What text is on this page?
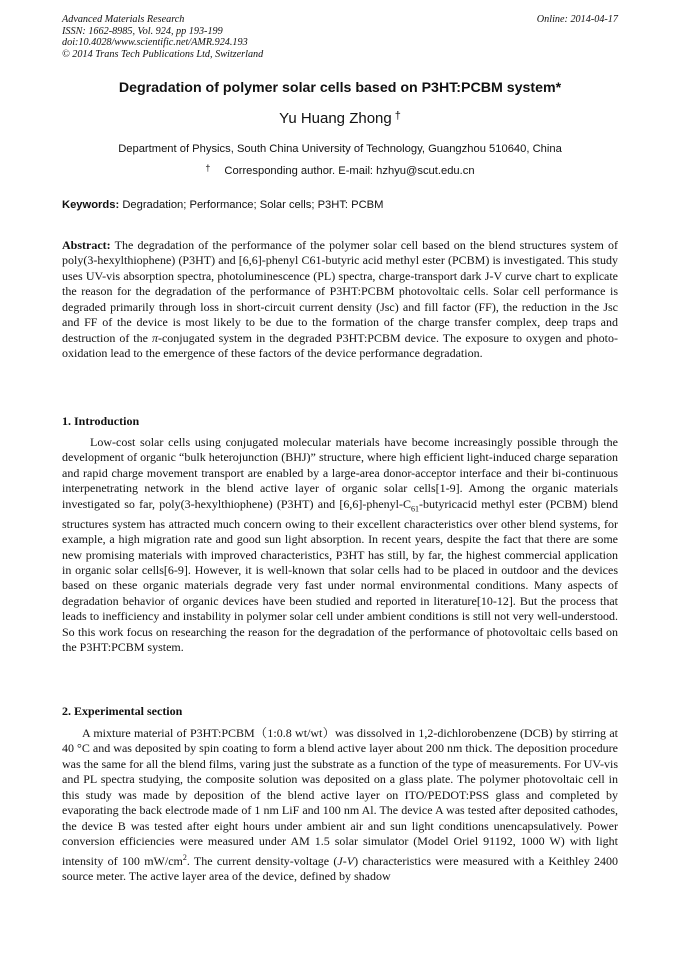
Advanced Materials Research
ISSN: 1662-8985, Vol. 924, pp 193-199
doi:10.4028/www.scientific.net/AMR.924.193
© 2014 Trans Tech Publications Ltd, Switzerland
Online: 2014-04-17
Degradation of polymer solar cells based on P3HT:PCBM system*
Yu Huang Zhong †
Department of Physics, South China University of Technology, Guangzhou 510640, China
† Corresponding author. E-mail: hzhyu@scut.edu.cn
Keywords: Degradation; Performance; Solar cells; P3HT: PCBM
Abstract: The degradation of the performance of the polymer solar cell based on the blend structures system of poly(3-hexylthiophene) (P3HT) and [6,6]-phenyl C61-butyric acid methyl ester (PCBM) is investigated. This study uses UV-vis absorption spectra, photoluminescence (PL) spectra, charge-transport dark J-V curve chart to explicate the reason for the degradation of the performance of P3HT:PCBM photovoltaic cells. Solar cell performance is degraded primarily through loss in short-circuit current density (Jsc) and fill factor (FF), the reduction in the Jsc and FF of the device is most likely to be due to the formation of the charge transfer complex, deep traps and destruction of the π-conjugated system in the degraded P3HT:PCBM device. The exposure to oxygen and photo-oxidation lead to the emergence of these factors of the device performance degradation.
1. Introduction
Low-cost solar cells using conjugated molecular materials have become increasingly possible through the development of organic “bulk heterojunction (BHJ)” structure, where high efficient light-induced charge separation and rapid charge movement transport are enabled by a large-area donor-acceptor interface and their bi-continuous interpenetrating network in the blend active layer of organic solar cells[1-9]. Among the organic materials investigated so far, poly(3-hexylthiophene) (P3HT) and $[6,6]-phenyl-C_{61}$-butyricacid methyl ester (PCBM) blend structures system has attracted much concern owing to their excellent characteristics over other blend systems, for example, a high migration rate and good sun light absorption. In recent years, despite the fact that there are some new promising materials with improved characteristics, P3HT has still, by far, the highest commercial application in organic solar cells[6-9]. However, it is well-known that solar cells had to be placed in outdoor and the devices based on these organic materials degrade very fast under normal environmental conditions. Many aspects of degradation behavior of organic devices have been studied and reported in literature[10-12]. But the process that leads to inefficiency and instability in polymer solar cell under ambient conditions is still not very well-understood. So this work focus on researching the reason for the degradation of the performance of photovoltaic cells based on the P3HT:PCBM system.
2. Experimental section
A mixture material of P3HT:PCBM（1:0.8 wt/wt）was dissolved in 1,2-dichlorobenzene (DCB) by stirring at 40 °C and was deposited by spin coating to form a blend active layer about 200 nm thick. The deposition procedure was the same for all the blend films, varing just the substrate as a function of the type of measurements. For UV-vis and PL spectra studying, the composite solution was deposited on a glass plate. The polymer photovoltaic cell in this study was made by deposition of the blend active layer on ITO/PEDOT:PSS glass and completed by evaporating the back electrode made of 1 nm LiF and 100 nm Al. The device A was tested after deposited cathodes, the device B was tested after eight hours under ambient air and sun light conditions unencapsulatively. Power conversion efficiencies were measured under AM 1.5 solar simulator (Model Oriel 91192, 1000 W) with light intensity of 100 $mW/cm^2$. The current density-voltage (J-V) characteristics were measured with a Keithley 2400 source meter. The active layer area of the device, defined by shadow
